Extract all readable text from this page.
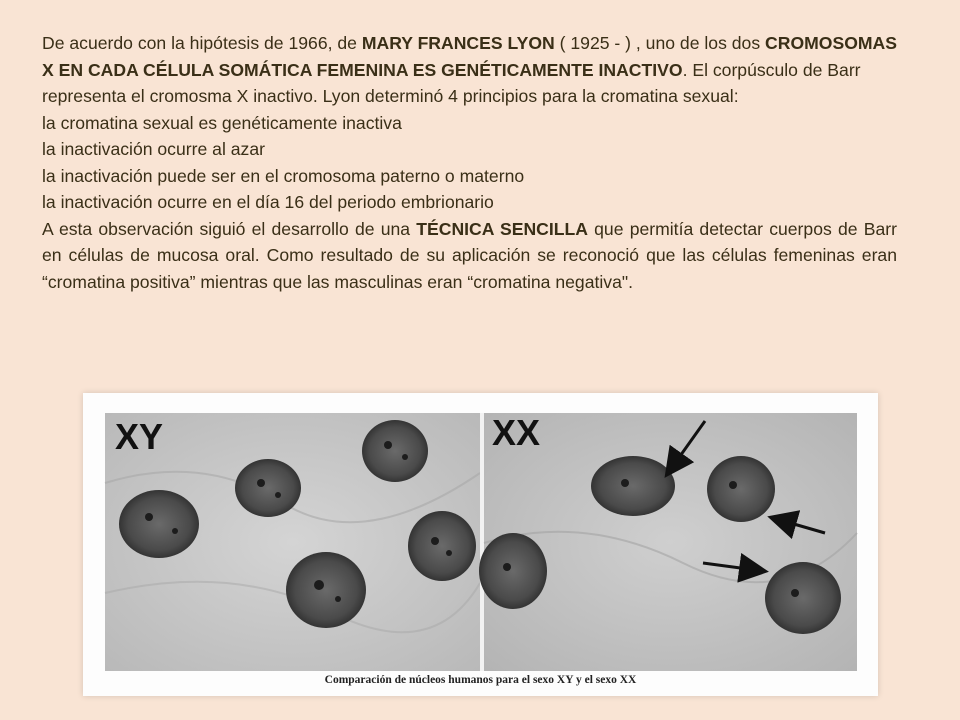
De acuerdo con la hipótesis de 1966, de MARY FRANCES LYON ( 1925 - ) , uno de los dos CROMOSOMAS X EN CADA CÉLULA SOMÁTICA FEMENINA ES GENÉTICAMENTE INACTIVO. El corpúsculo de Barr representa el cromosma X inactivo. Lyon determinó 4 principios para la cromatina sexual:

la cromatina sexual es genéticamente inactiva

la inactivación ocurre al azar

la inactivación puede ser en el cromosoma paterno o materno

la inactivación ocurre en el día 16 del periodo embrionario

A esta observación siguió el desarrollo de una TÉCNICA SENCILLA que permitía detectar cuerpos de Barr en células de mucosa oral. Como resultado de su aplicación se reconoció que las células femeninas eran “cromatina positiva” mientras que las masculinas eran “cromatina negativa".

XY	XX
Comparación de núcleos humanos para el sexo XY y el sexo XX
